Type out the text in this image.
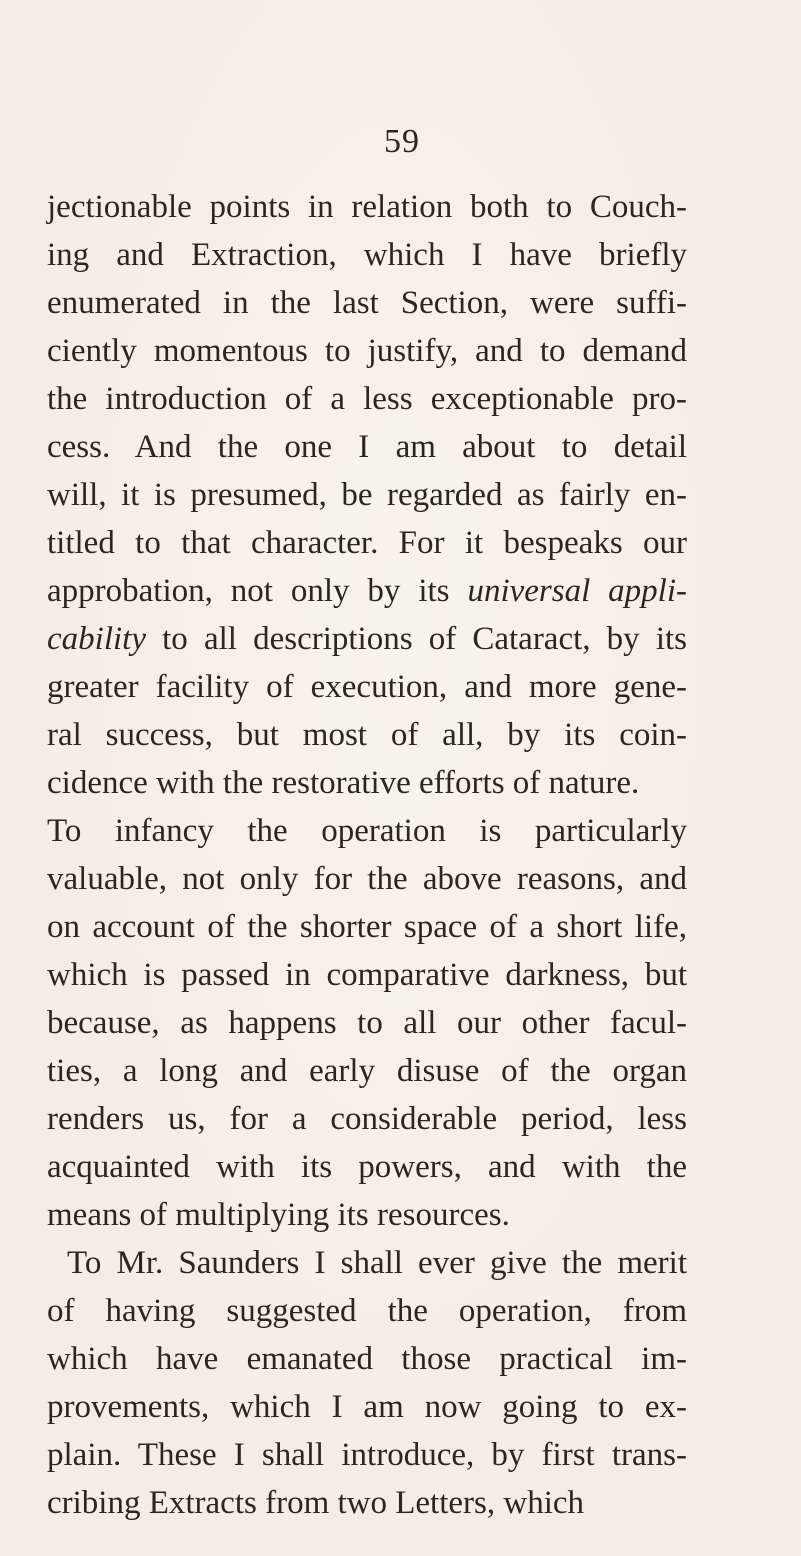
59
jectionable points in relation both to Couch-
ing and Extraction, which I have briefly
enumerated in the last Section, were suffi-
ciently momentous to justify, and to demand
the introduction of a less exceptionable pro-
cess. And the one I am about to detail
will, it is presumed, be regarded as fairly en-
titled to that character. For it bespeaks our
approbation, not only by its universal appli-
cability to all descriptions of Cataract, by its
greater facility of execution, and more gene-
ral success, but most of all, by its coin-
cidence with the restorative efforts of nature.
To infancy the operation is particularly
valuable, not only for the above reasons, and
on account of the shorter space of a short life,
which is passed in comparative darkness, but
because, as happens to all our other facul-
ties, a long and early disuse of the organ
renders us, for a considerable period, less
acquainted with its powers, and with the
means of multiplying its resources.
To Mr. Saunders I shall ever give the merit
of having suggested the operation, from
which have emanated those practical im-
provements, which I am now going to ex-
plain. These I shall introduce, by first trans-
cribing Extracts from two Letters, which
